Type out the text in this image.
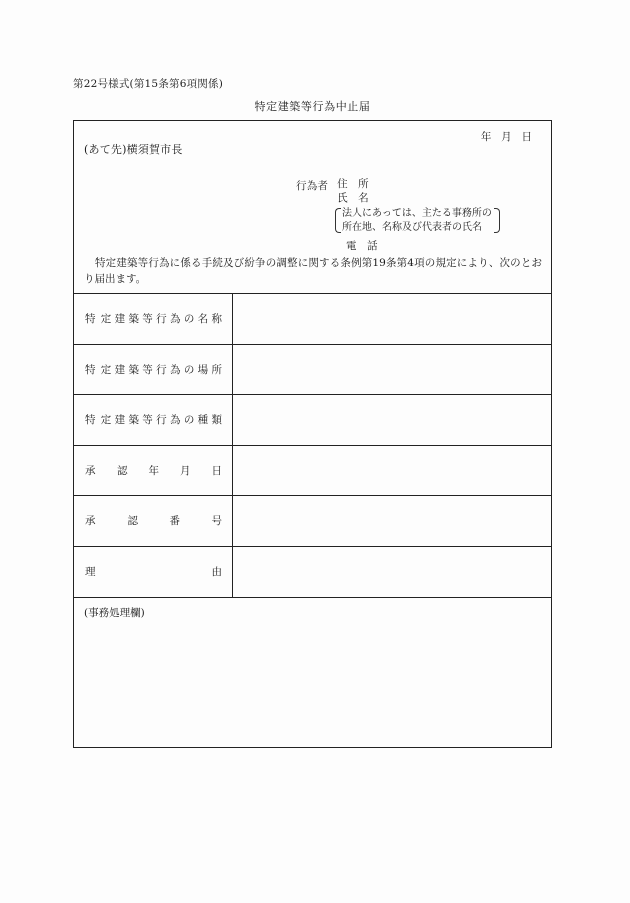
第22号様式(第15条第6項関係)
特定建築等行為中止届
年 月 日
(あて先)横須賀市長
行為者 住　所
氏　名
法人にあっては、主たる事務所の
所在地、名称及び代表者の氏名
電　話
特定建築等行為に係る手続及び紛争の調整に関する条例第19条第4項の規定により、次のとおり届出ます。
特 定 建 築 等 行 為 の 名 称	

特 定 建 築 等 行 為 の 場 所	

特 定 建 築 等 行 為 の 種 類	

承 認　　年　　月　　日	

承 認　　　番　　　号	

理 由	

(事務処理欄)
